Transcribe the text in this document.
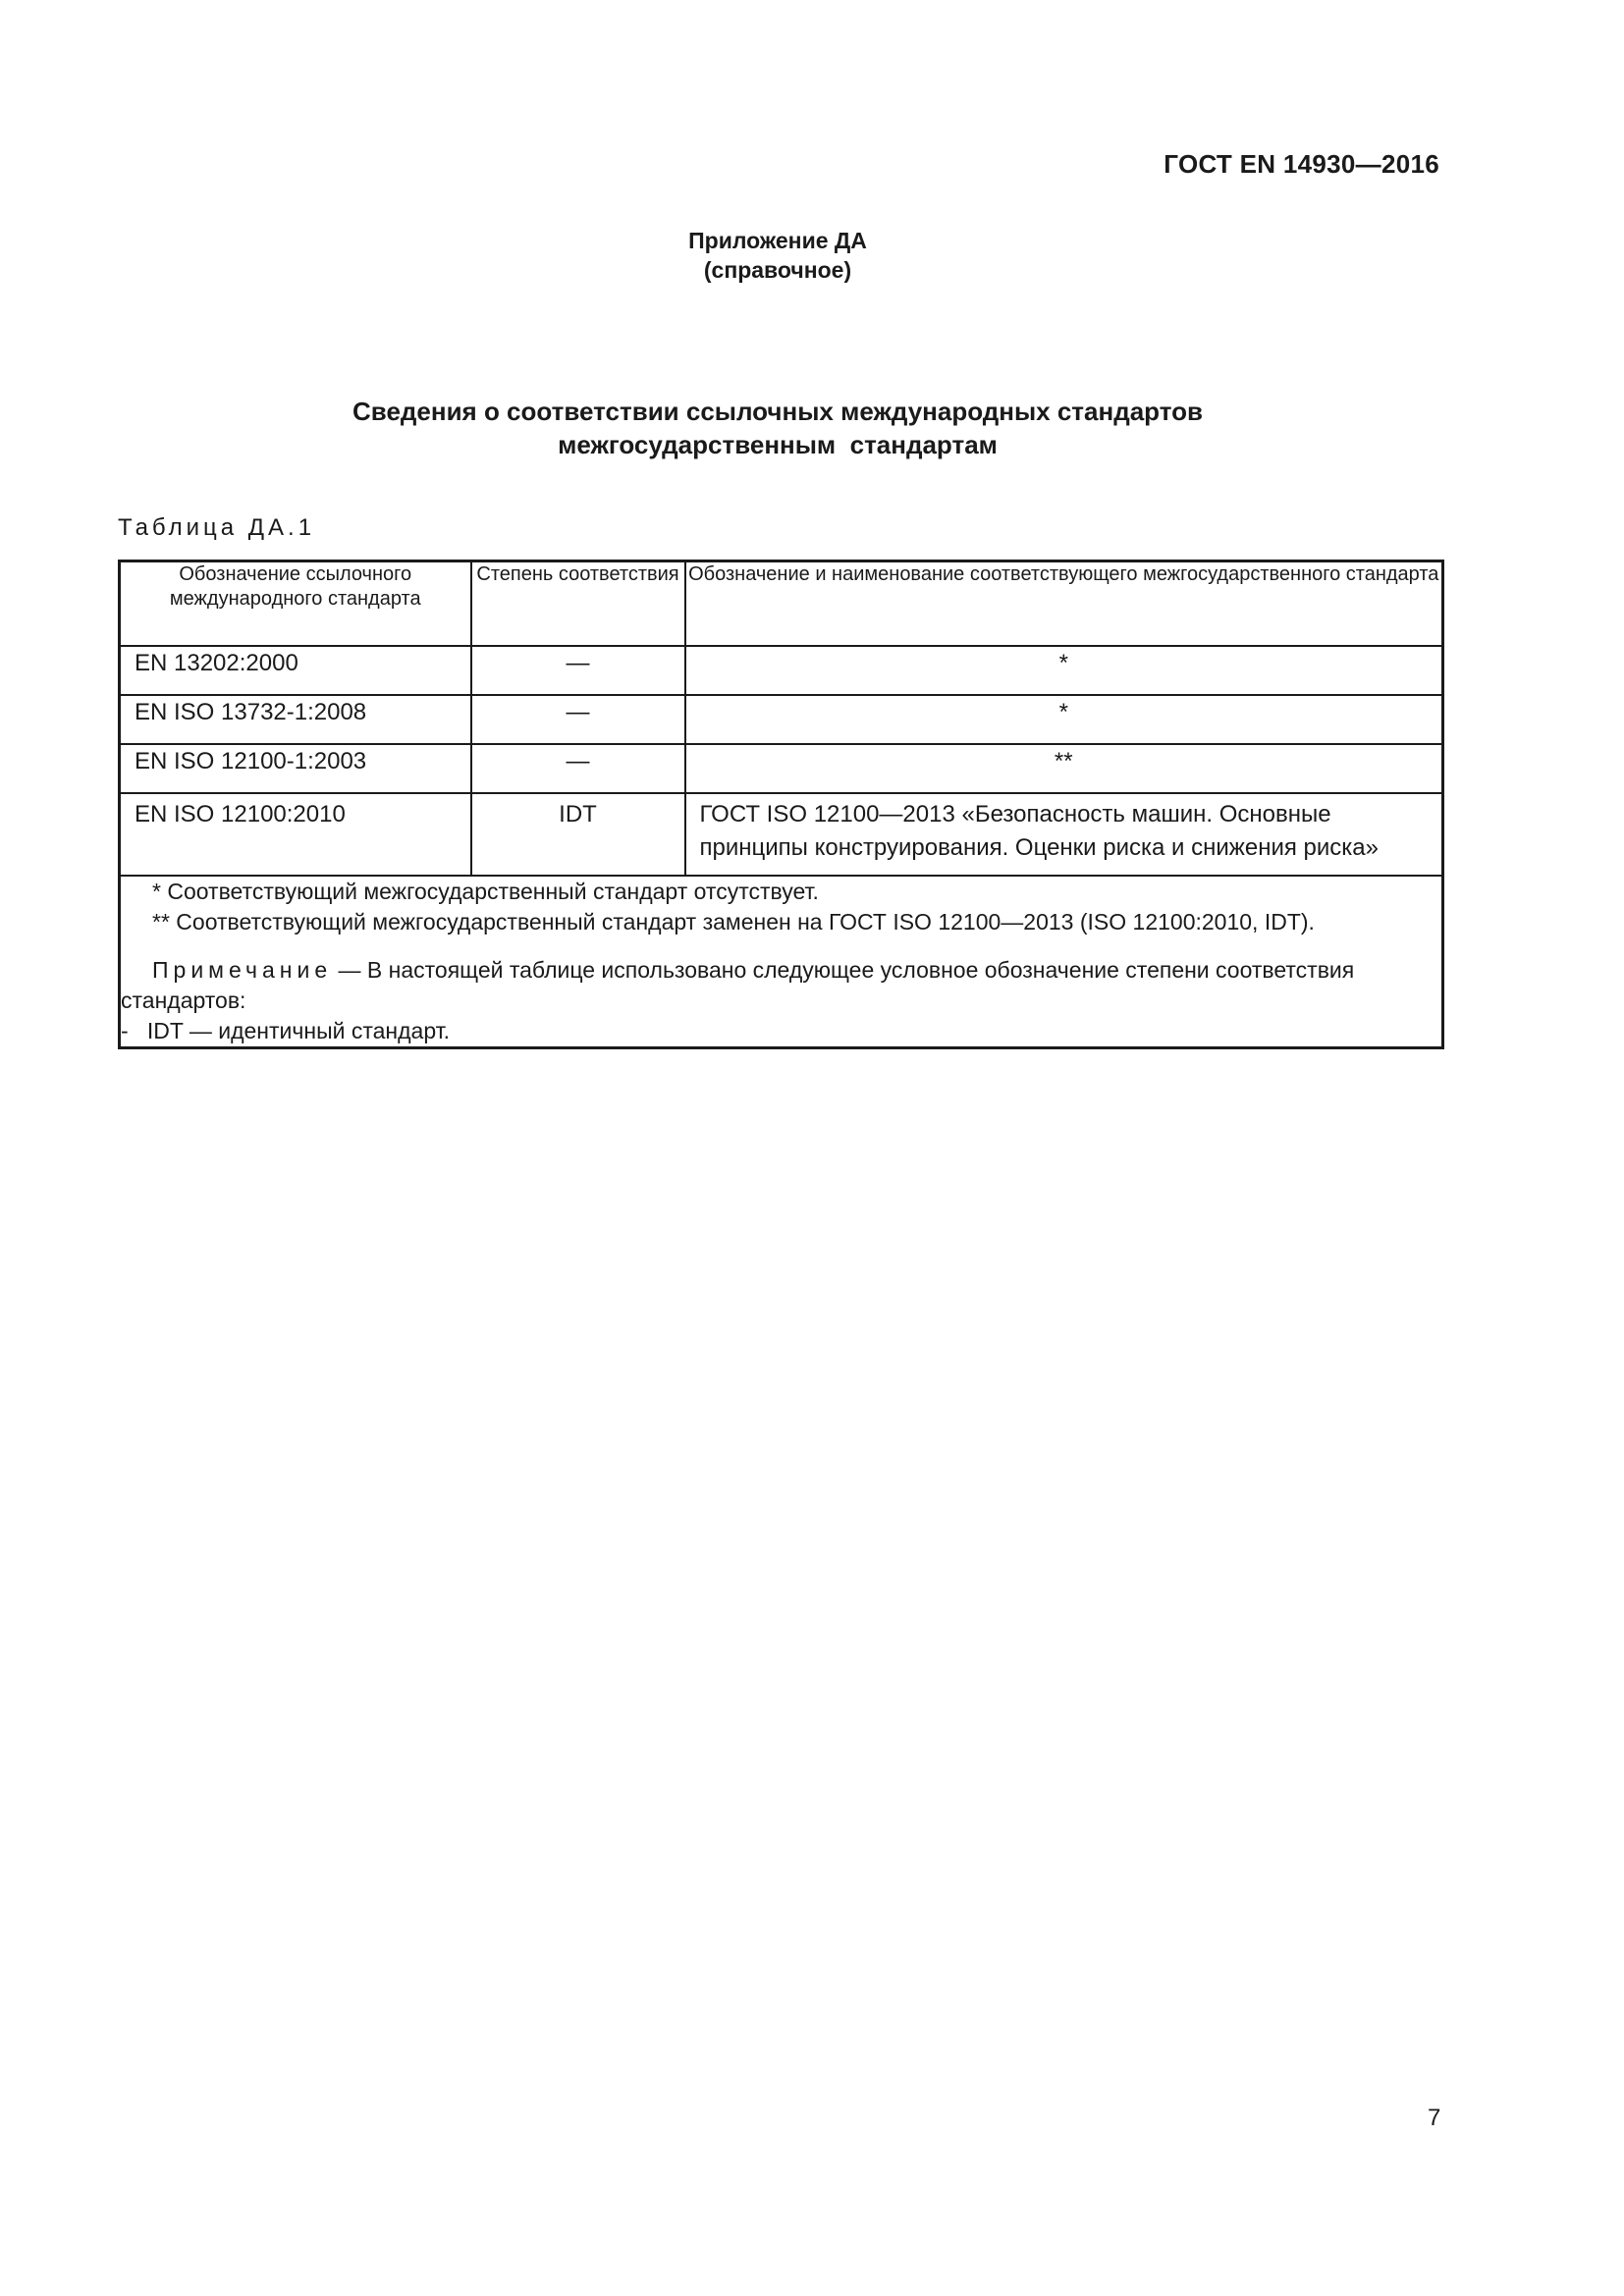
ГОСТ EN 14930—2016
Приложение ДА
(справочное)
Сведения о соответствии ссылочных международных стандартов
межгосударственным  стандартам
Таблица ДА.1
Обозначение ссылочного международного стандарта	Степень соответствия	Обозначение и наименование соответствующего межгосударственного стандарта
EN 13202:2000	—	*
EN ISO 13732-1:2008	—	*
EN ISO 12100-1:2003	—	**
EN ISO 12100:2010	IDT	ГОСТ ISO 12100—2013 «Безопасность машин. Основные принципы конструирования. Оценки риска и снижения риска»

* Соответствующий межгосударственный стандарт отсутствует.

** Соответствующий межгосударственный стандарт заменен на ГОСТ ISO 12100—2013 (ISO 12100:2010, IDT).

Примечание — В настоящей таблице использовано следующее условное обозначение степени соответствия стандартов:

-   IDT — идентичный стандарт.		

7
